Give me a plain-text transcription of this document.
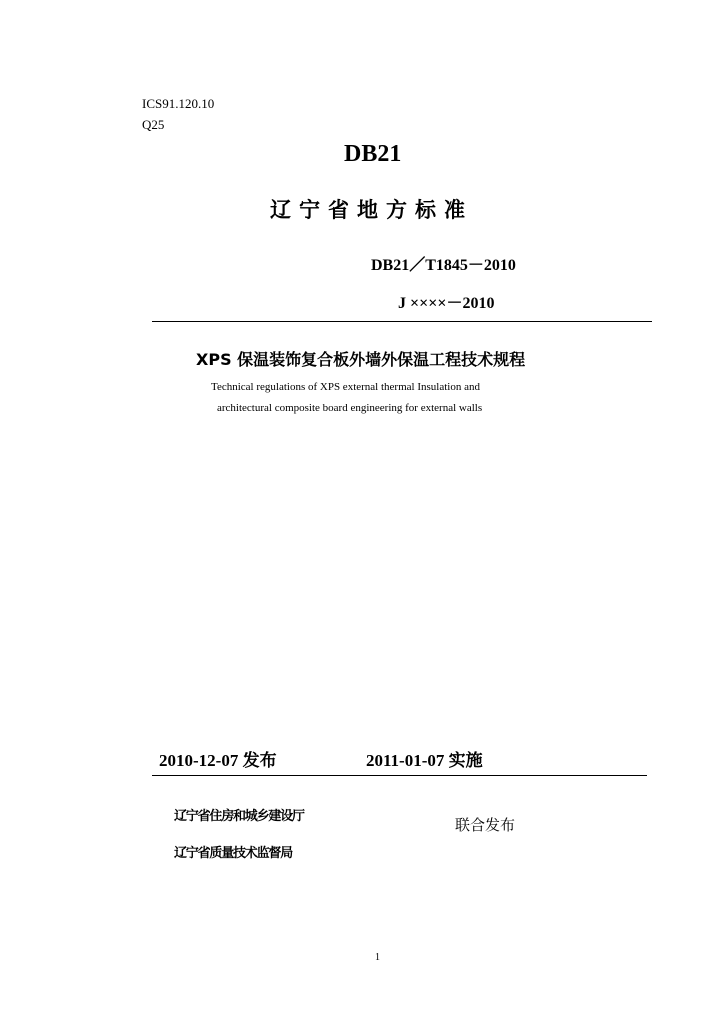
ICS91.120.10
Q25
DB21
辽宁省地方标准
DB21／T1845－2010
J ××××－2010
XPS 保温装饰复合板外墙外保温工程技术规程
Technical regulations of XPS external thermal Insulation and
architectural composite board engineering for external walls
2010-12-07 发布	2011-01-07 实施
辽宁省住房和城乡建设厅
辽宁省质量技术监督局
联合发布
1
